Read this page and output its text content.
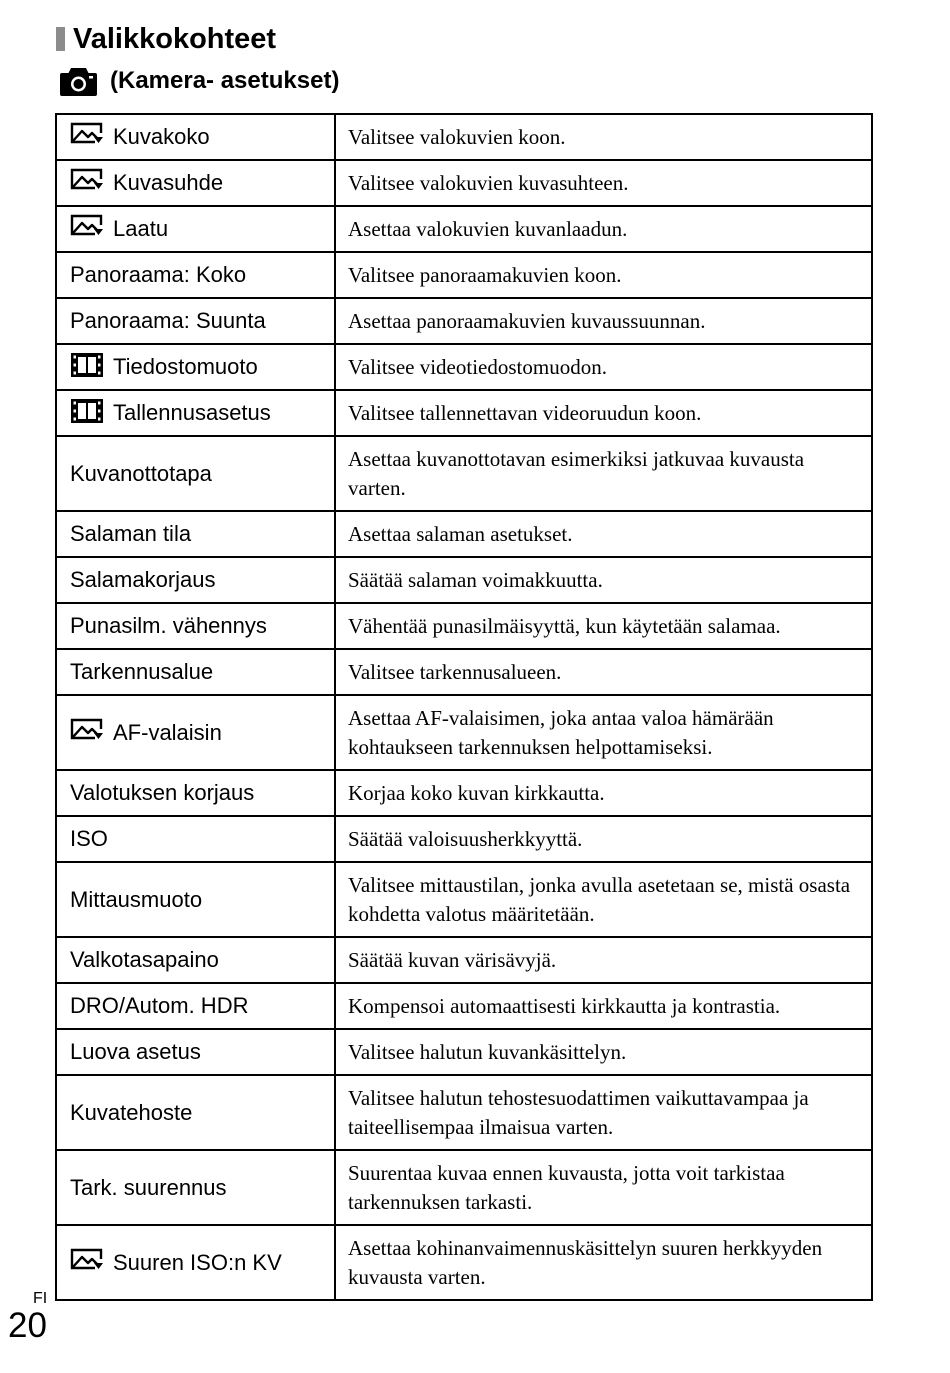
Valikkokohteet
(Kamera- asetukset)
Kuvakoko	Valitsee valokuvien koon.

Kuvasuhde	Valitsee valokuvien kuvasuhteen.

Laatu	Asettaa valokuvien kuvanlaadun.
Panoraama: Koko	Valitsee panoraamakuvien koon.
Panoraama: Suunta	Asettaa panoraamakuvien kuvaussuunnan.

Tiedostomuoto	Valitsee videotiedostomuodon.

Tallennusasetus	Valitsee tallennettavan videoruudun koon.
Kuvanottotapa	Asettaa kuvanottotavan esimerkiksi jatkuvaa kuvausta varten.
Salaman tila	Asettaa salaman asetukset.
Salamakorjaus	Säätää salaman voimakkuutta.
Punasilm. vähennys	Vähentää punasilmäisyyttä, kun käytetään salamaa.
Tarkennusalue	Valitsee tarkennusalueen.

AF-valaisin	Asettaa AF-valaisimen, joka antaa valoa hämärään kohtaukseen tarkennuksen helpottamiseksi.
Valotuksen korjaus	Korjaa koko kuvan kirkkautta.
ISO	Säätää valoisuusherkkyyttä.
Mittausmuoto	Valitsee mittaustilan, jonka avulla asetetaan se, mistä osasta kohdetta valotus määritetään.
Valkotasapaino	Säätää kuvan värisävyjä.
DRO/Autom. HDR	Kompensoi automaattisesti kirkkautta ja kontrastia.
Luova asetus	Valitsee halutun kuvankäsittelyn.
Kuvatehoste	Valitsee halutun tehostesuodattimen vaikuttavampaa ja taiteellisempaa ilmaisua varten.
Tark. suurennus	Suurentaa kuvaa ennen kuvausta, jotta voit tarkistaa tarkennuksen tarkasti.

Suuren ISO:n KV	Asettaa kohinanvaimennuskäsittelyn suuren herkkyyden kuvausta varten.
FI
20
